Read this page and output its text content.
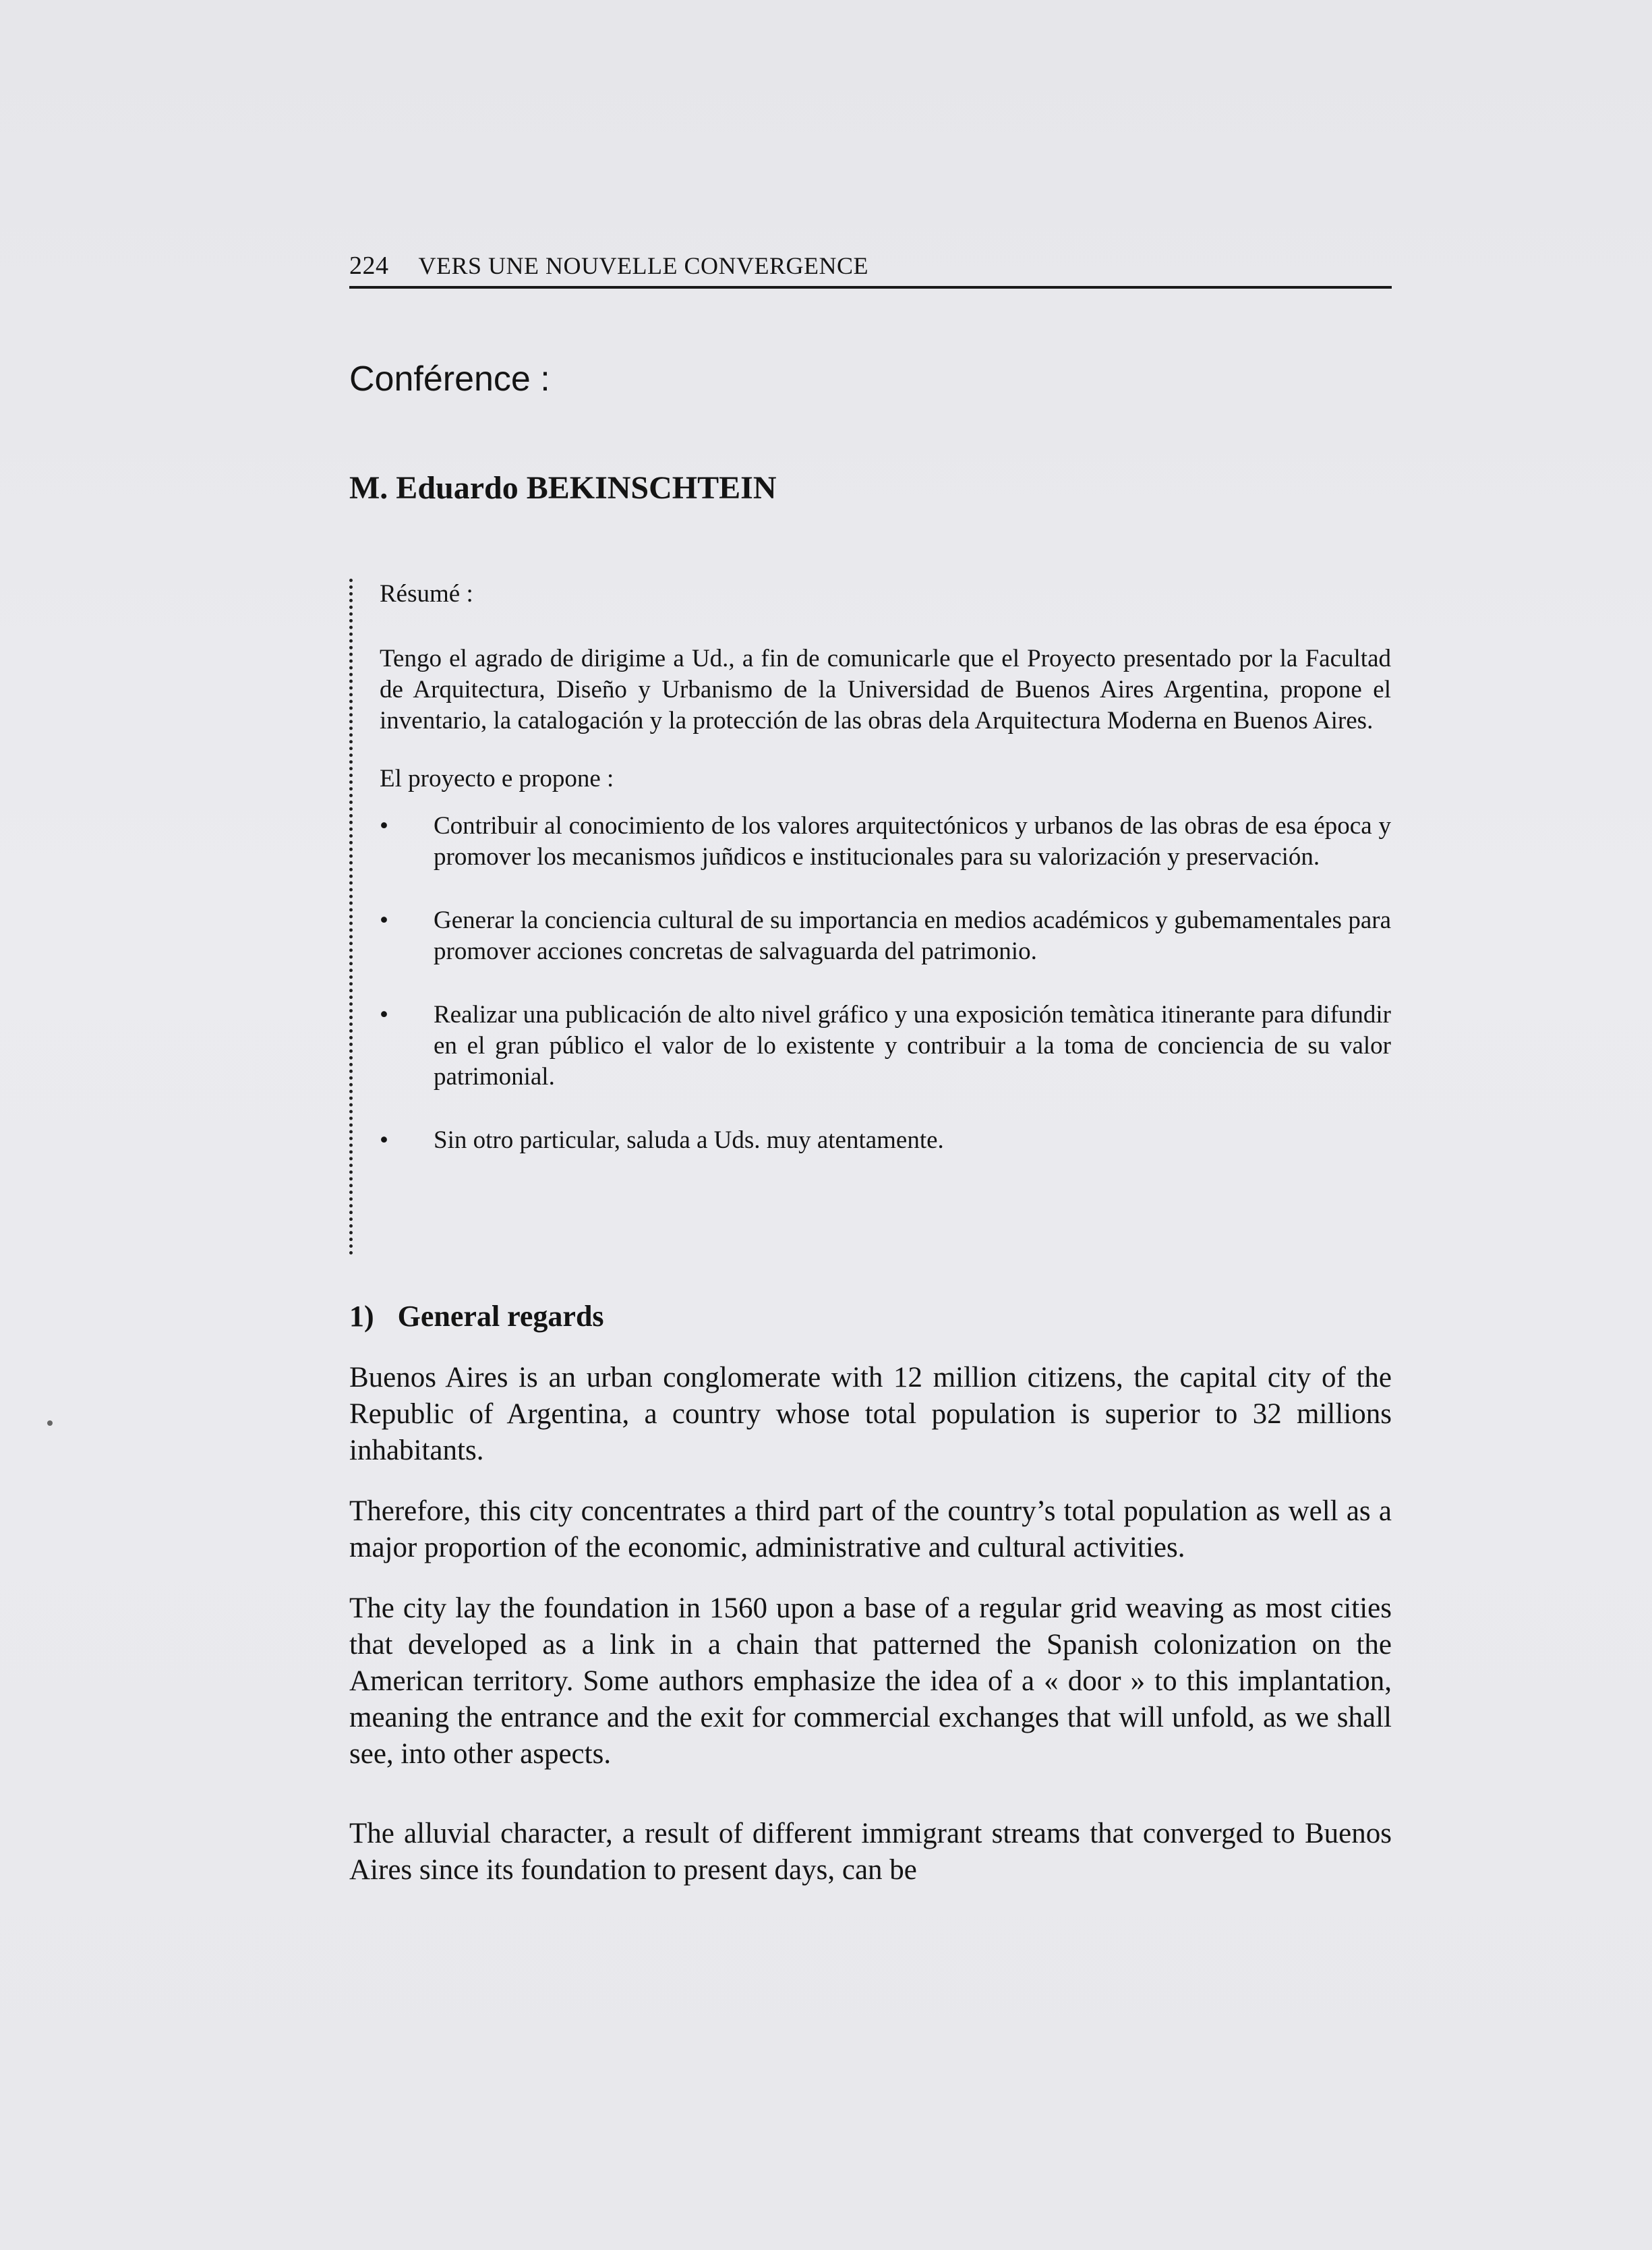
224 VERS UNE NOUVELLE CONVERGENCE
Conférence :
M. Eduardo BEKINSCHTEIN
Résumé :

Tengo el agrado de dirigime a Ud., a fin de comunicarle que el Proyecto presentado por la Facultad de Arquitectura, Diseño y Urbanismo de la Universidad de Buenos Aires Argentina, propone el inventario, la catalogación y la protección de las obras dela Arquitectura Moderna en Buenos Aires.

El proyecto e propone :
• Contribuir al conocimiento de los valores arquitectónicos y urbanos de las obras de esa época y promover los mecanismos juñdicos e institucionales para su valorización y preservación.
• Generar la conciencia cultural de su importancia en medios académicos y gubemamentales para promover acciones concretas de salvaguarda del patrimonio.
• Realizar una publicación de alto nivel gráfico y una exposición temàtica itinerante para difundir en el gran público el valor de lo existente y contribuir a la toma de conciencia de su valor patrimonial.
• Sin otro particular, saluda a Uds. muy atentamente.
1) General regards

Buenos Aires is an urban conglomerate with 12 million citizens, the capital city of the Republic of Argentina, a country whose total population is superior to 32 millions inhabitants.

Therefore, this city concentrates a third part of the country’s total population as well as a major proportion of the economic, administrative and cultural activities.

The city lay the foundation in 1560 upon a base of a regular grid weaving as most cities that developed as a link in a chain that patterned the Spanish colonization on the American territory. Some authors emphasize the idea of a « door » to this implantation, meaning the entrance and the exit for commercial exchanges that will unfold, as we shall see, into other aspects.

The alluvial character, a result of different immigrant streams that converged to Buenos Aires since its foundation to present days, can be
